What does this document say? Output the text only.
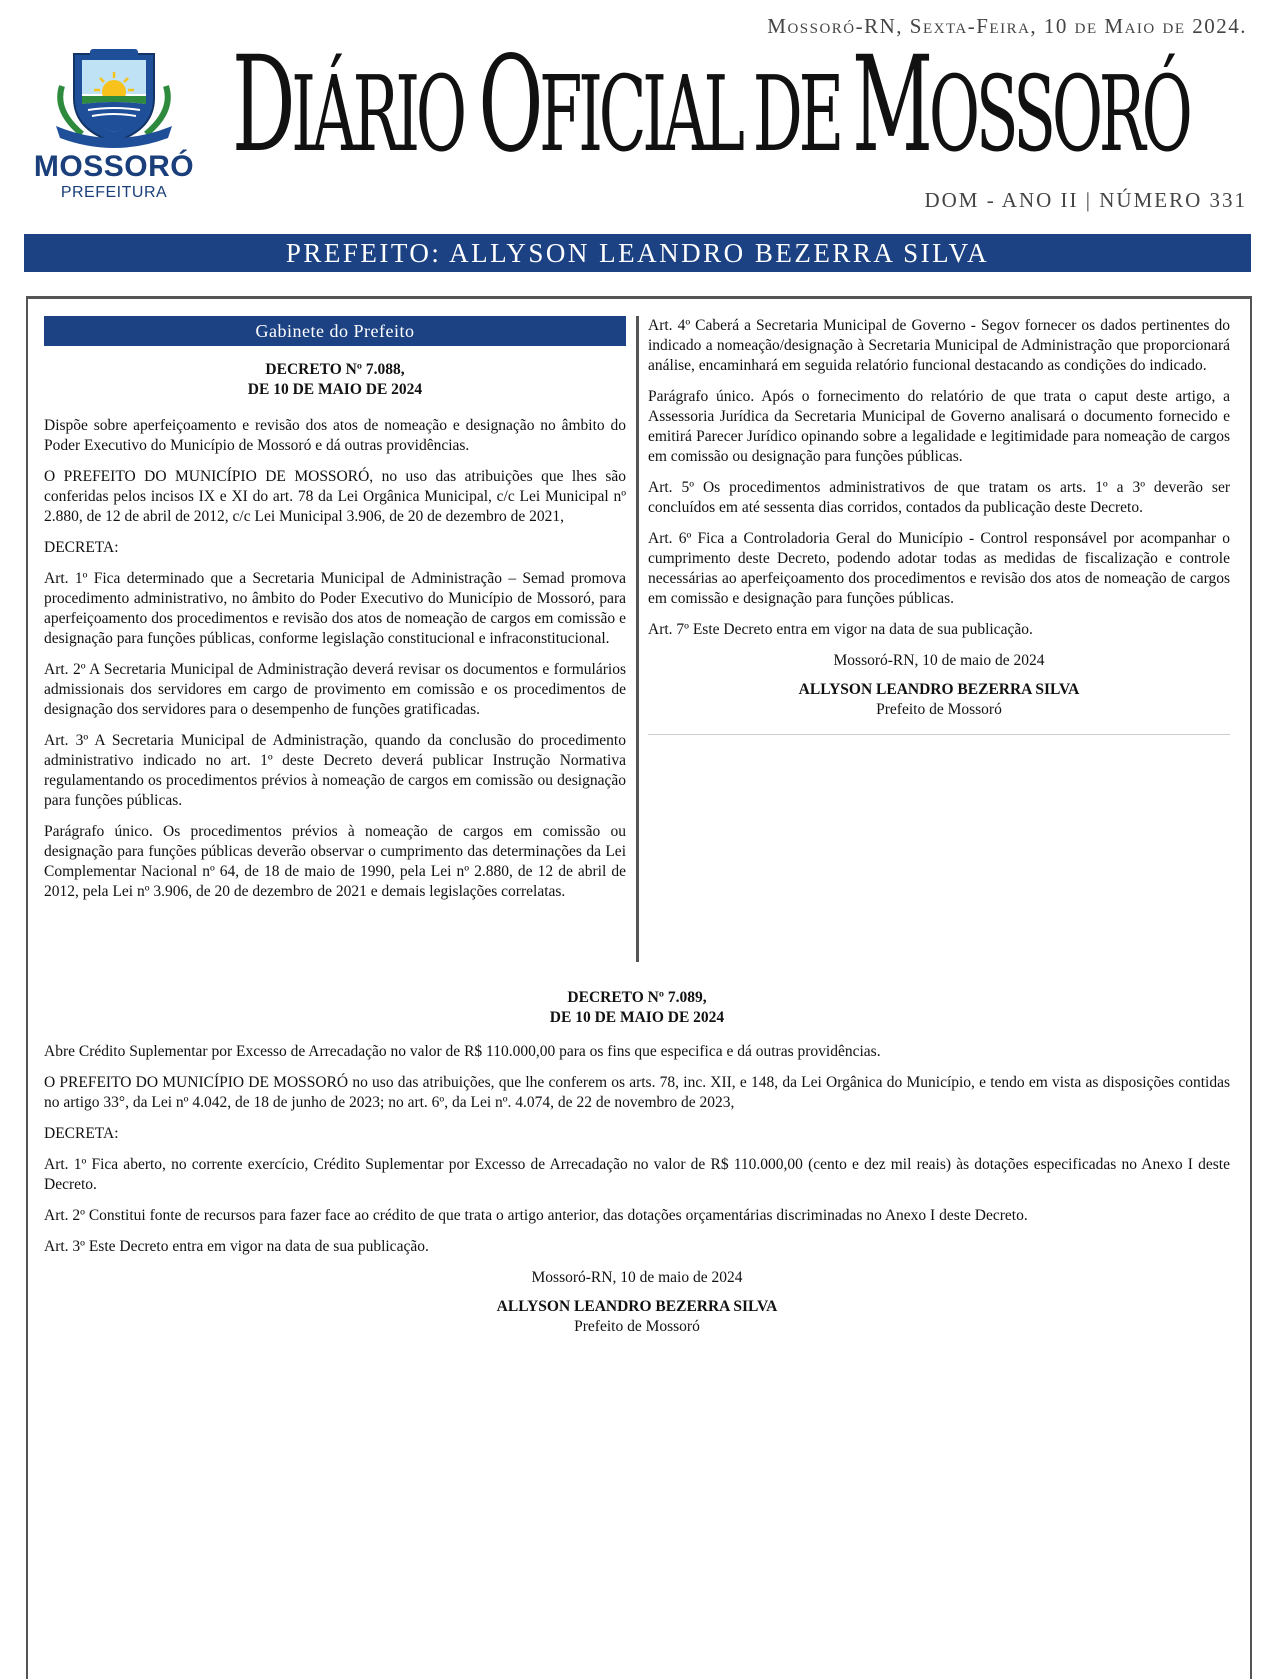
Mossoró-RN, Sexta-Feira, 10 de Maio de 2024.
MOSSORÓ
PREFEITURA
DIÁRIO OFICIAL DEMOSSORÓ
DOM - ANO II | NÚMERO 331
PREFEITO: ALLYSON LEANDRO BEZERRA SILVA
Gabinete do Prefeito
DECRETO Nº 7.088,
DE 10 DE MAIO DE 2024

Dispõe sobre aperfeiçoamento e revisão dos atos de nomeação e designação no âmbito do Poder Executivo do Município de Mossoró e dá outras providências.

O PREFEITO DO MUNICÍPIO DE MOSSORÓ, no uso das atribuições que lhes são conferidas pelos incisos IX e XI do art. 78 da Lei Orgânica Municipal, c/c Lei Municipal nº 2.880, de 12 de abril de 2012, c/c Lei Municipal 3.906, de 20 de dezembro de 2021,

DECRETA:

Art. 1º Fica determinado que a Secretaria Municipal de Administração – Semad promova procedimento administrativo, no âmbito do Poder Executivo do Município de Mossoró, para aperfeiçoamento dos procedimentos e revisão dos atos de nomeação de cargos em comissão e designação para funções públicas, conforme legislação constitucional e infraconstitucional.

Art. 2º A Secretaria Municipal de Administração deverá revisar os documentos e formulários admissionais dos servidores em cargo de provimento em comissão e os procedimentos de designação dos servidores para o desempenho de funções gratificadas.

Art. 3º A Secretaria Municipal de Administração, quando da conclusão do procedimento administrativo indicado no art. 1º deste Decreto deverá publicar Instrução Normativa regulamentando os procedimentos prévios à nomeação de cargos em comissão ou designação para funções públicas.

Parágrafo único. Os procedimentos prévios à nomeação de cargos em comissão ou designação para funções públicas deverão observar o cumprimento das determinações da Lei Complementar Nacional nº 64, de 18 de maio de 1990, pela Lei nº 2.880, de 12 de abril de 2012, pela Lei nº 3.906, de 20 de dezembro de 2021 e demais legislações correlatas.

Art. 4º Caberá a Secretaria Municipal de Governo - Segov fornecer os dados pertinentes do indicado a nomeação/designação à Secretaria Municipal de Administração que proporcionará análise, encaminhará em seguida relatório funcional destacando as condições do indicado.

Parágrafo único. Após o fornecimento do relatório de que trata o caput deste artigo, a Assessoria Jurídica da Secretaria Municipal de Governo analisará o documento fornecido e emitirá Parecer Jurídico opinando sobre a legalidade e legitimidade para nomeação de cargos em comissão ou designação para funções públicas.

Art. 5º Os procedimentos administrativos de que tratam os arts. 1º a 3º deverão ser concluídos em até sessenta dias corridos, contados da publicação deste Decreto.

Art. 6º Fica a Controladoria Geral do Município - Control responsável por acompanhar o cumprimento deste Decreto, podendo adotar todas as medidas de fiscalização e controle necessárias ao aperfeiçoamento dos procedimentos e revisão dos atos de nomeação de cargos em comissão e designação para funções públicas.

Art. 7º Este Decreto entra em vigor na data de sua publicação.

Mossoró-RN, 10 de maio de 2024
ALLYSON LEANDRO BEZERRA SILVA
Prefeito de Mossoró
DECRETO Nº 7.089,
DE 10 DE MAIO DE 2024

Abre Crédito Suplementar por Excesso de Arrecadação no valor de R$ 110.000,00 para os fins que especifica e dá outras providências.

O PREFEITO DO MUNICÍPIO DE MOSSORÓ no uso das atribuições, que lhe conferem os arts. 78, inc. XII, e 148, da Lei Orgânica do Município, e tendo em vista as disposições contidas no artigo 33°, da Lei nº 4.042, de 18 de junho de 2023; no art. 6º, da Lei nº. 4.074, de 22 de novembro de 2023,

DECRETA:

Art. 1º Fica aberto, no corrente exercício, Crédito Suplementar por Excesso de Arrecadação no valor de R$ 110.000,00 (cento e dez mil reais) às dotações especificadas no Anexo I deste Decreto.

Art. 2º Constitui fonte de recursos para fazer face ao crédito de que trata o artigo anterior, das dotações orçamentárias discriminadas no Anexo I deste Decreto.

Art. 3º Este Decreto entra em vigor na data de sua publicação.

Mossoró-RN, 10 de maio de 2024
ALLYSON LEANDRO BEZERRA SILVA
Prefeito de Mossoró
